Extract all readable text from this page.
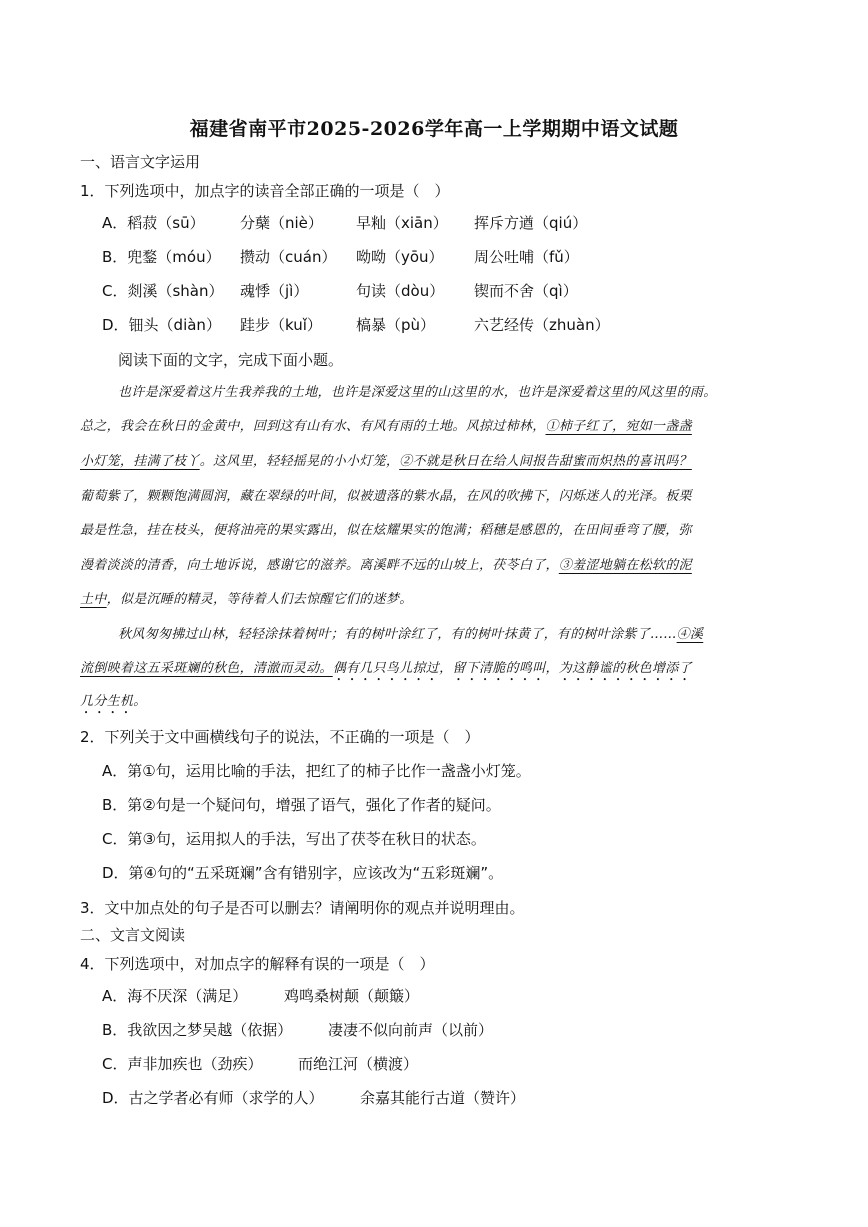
福建省南平市2025-2026学年高一上学期期中语文试题
一、语言文字运用
1．下列选项中，加点字的读音全部正确的一项是（　）
A．稻菽（sū） 分蘖（niè） 早籼（xiān） 挥斥方遒（qiú）
B．兜鍪（móu） 攒动（cuán） 呦呦（yōu） 周公吐哺（fǔ）
C．剡溪（shàn） 魂悸（jì）	句读（dòu） 锲而不舍（qì）
D．钿头（diàn） 跬步（kuǐ） 槁暴（pù）	六艺经传（zhuàn）
阅读下面的文字，完成下面小题。
也许是深爱着这片生我养我的土地，也许是深爱这里的山这里的水，也许是深爱着这里的风这里的雨。
总之，我会在秋日的金黄中，回到这有山有水、有风有雨的土地。风掠过柿林，①柿子红了，宛如一盏盏
小灯笼，挂满了枝丫。这风里，轻轻摇晃的小小灯笼，②不就是秋日在给人间报告甜蜜而炽热的喜讯吗？
葡萄紫了，颗颗饱满圆润，藏在翠绿的叶间，似被遗落的紫水晶，在风的吹拂下，闪烁迷人的光泽。板栗
最是性急，挂在枝头，便将油亮的果实露出，似在炫耀果实的饱满；稻穗是感恩的，在田间垂弯了腰，弥
漫着淡淡的清香，向土地诉说，感谢它的滋养。离溪畔不远的山坡上，茯苓白了，③羞涩地躺在松软的泥
土中，似是沉睡的精灵，等待着人们去惊醒它们的迷梦。
秋风匆匆拂过山林，轻轻涂抹着树叶；有的树叶涂红了，有的树叶抹黄了，有的树叶涂紫了……④溪
流倒映着这五采斑斓的秋色，清澈而灵动。偶有几只鸟儿掠过，留下清脆的鸣叫，为这静谧的秋色增添了
几分生机。
2．下列关于文中画横线句子的说法，不正确的一项是（　）
A．第①句，运用比喻的手法，把红了的柿子比作一盏盏小灯笼。
B．第②句是一个疑问句，增强了语气，强化了作者的疑问。
C．第③句，运用拟人的手法，写出了茯苓在秋日的状态。
D．第④句的“五采斑斓”含有错别字，应该改为“五彩斑斓”。
3．文中加点处的句子是否可以删去？请阐明你的观点并说明理由。
二、文言文阅读
4．下列选项中，对加点字的解释有误的一项是（　）
A．海不厌深（满足） 鸡鸣桑树颠（颠簸）
B．我欲因之梦吴越（依据） 凄凄不似向前声（以前）
C．声非加疾也（劲疾） 而绝江河（横渡）
D．古之学者必有师（求学的人） 余嘉其能行古道（赞许）
